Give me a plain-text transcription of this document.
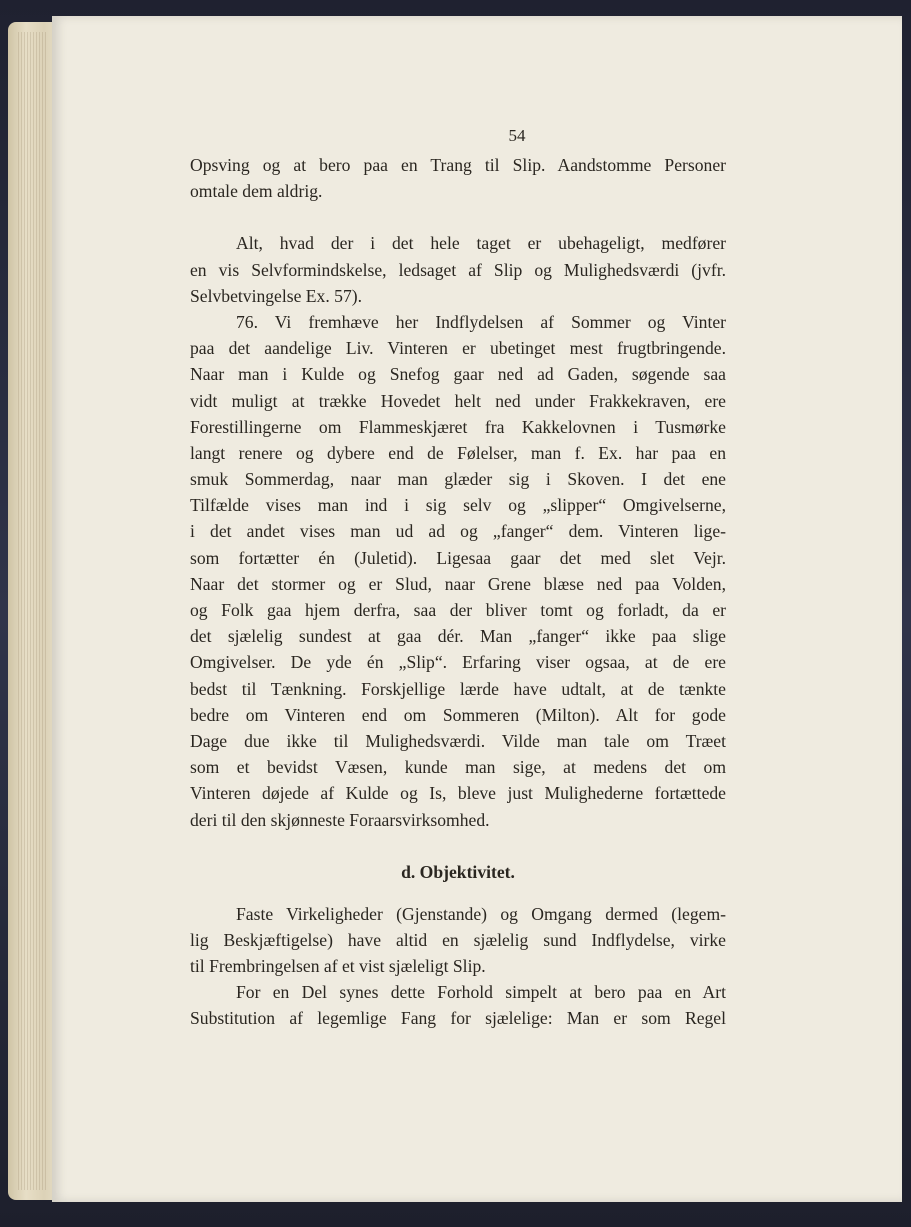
54
Opsving og at bero paa en Trang til Slip. Aandstomme Personer
omtale dem aldrig.
Alt, hvad der i det hele taget er ubehageligt, medfører
en vis Selvformindskelse, ledsaget af Slip og Mulighedsværdi (jvfr.
Selvbetvingelse Ex. 57).
76. Vi fremhæve her Indflydelsen af Sommer og Vinter
paa det aandelige Liv. Vinteren er ubetinget mest frugtbringende.
Naar man i Kulde og Snefog gaar ned ad Gaden, søgende saa
vidt muligt at trække Hovedet helt ned under Frakkekraven, ere
Forestillingerne om Flammeskjæret fra Kakkelovnen i Tusmørke
langt renere og dybere end de Følelser, man f. Ex. har paa en
smuk Sommerdag, naar man glæder sig i Skoven. I det ene
Tilfælde vises man ind i sig selv og „slipper“ Omgivelserne,
i det andet vises man ud ad og „fanger“ dem. Vinteren lige-
som fortætter én (Juletid). Ligesaa gaar det med slet Vejr.
Naar det stormer og er Slud, naar Grene blæse ned paa Volden,
og Folk gaa hjem derfra, saa der bliver tomt og forladt, da er
det sjælelig sundest at gaa dér. Man „fanger“ ikke paa slige
Omgivelser. De yde én „Slip“. Erfaring viser ogsaa, at de ere
bedst til Tænkning. Forskjellige lærde have udtalt, at de tænkte
bedre om Vinteren end om Sommeren (Milton). Alt for gode
Dage due ikke til Mulighedsværdi. Vilde man tale om Træet
som et bevidst Væsen, kunde man sige, at medens det om
Vinteren døjede af Kulde og Is, bleve just Mulighederne fortættede
deri til den skjønneste Foraarsvirksomhed.
d. Objektivitet.
Faste Virkeligheder (Gjenstande) og Omgang dermed (legem-
lig Beskjæftigelse) have altid en sjælelig sund Indflydelse, virke
til Frembringelsen af et vist sjæleligt Slip.
For en Del synes dette Forhold simpelt at bero paa en Art
Substitution af legemlige Fang for sjælelige: Man er som Regel
